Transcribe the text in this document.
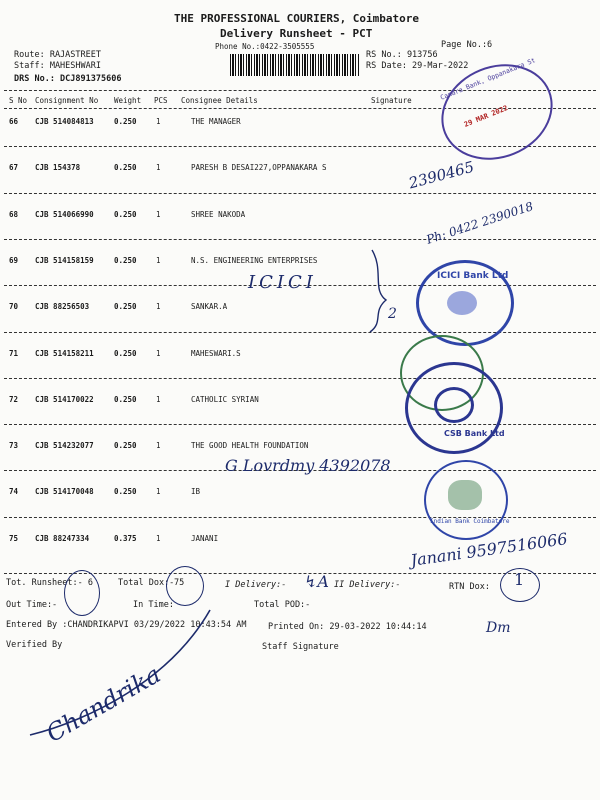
THE PROFESSIONAL COURIERS, Coimbatore
Delivery Runsheet - PCT
Phone No.:0422-3505555	Page No.:6
Route: RAJASTREET
Staff: MAHESHWARI
DRS No.: DCJ891375606
RS No.: 913756
RS Date: 29-Mar-2022
S No Consignment No Weight PCS Consignee Details	Signature
66 CJB 514084813	0.250	1	THE MANAGER
67 CJB 154378	0.250	1	PARESH B DESAI227,OPPANAKARA S
68 CJB 514066990	0.250	1	SHREE NAKODA
69 CJB 514158159	0.250	1	N.S. ENGINEERING ENTERPRISES
70 CJB 88256503	0.250	1	SANKAR.A
71 CJB 514158211	0.250	1	MAHESWARI.S
72 CJB 514170022	0.250	1	CATHOLIC SYRIAN
73 CJB 514232077	0.250	1	THE GOOD HEALTH FOUNDATION
74 CJB 514170048	0.250	1	IB
75 CJB 88247334	0.375	1	JANANI
Canara Bank, Oppanakara St
29 MAR 2022
ICICI Bank Ltd
CSB Bank Ltd
Indian Bank Coimbatore
2390465
Ph: 0422 2390018
ICICI
2
G Lovrdmy 4392078
Janani 9597516066
Tot. Runsheet:- 6	Total Dox:- 75	I Delivery:-	II Delivery:-	RTN Dox:
Out Time:-	In Time:	Total POD:-
Entered By :CHANDRIKAPVI 03/29/2022 10:43:54 AM	Printed On: 29-03-2022 10:44:14
Verified By	Staff Signature
↯A	1
Dm
Chandrika
